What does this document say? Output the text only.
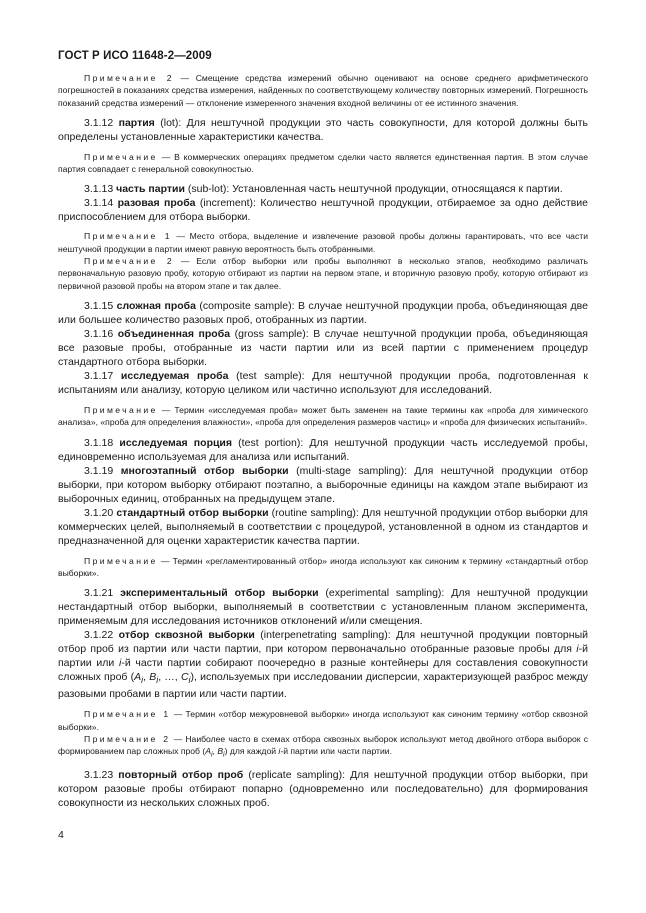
ГОСТ Р ИСО 11648-2—2009

Примечание 2 — Смещение средства измерений обычно оценивают на основе среднего арифметического погрешностей в показаниях средства измерения, найденных по соответствующему количеству повторных измерений. Погрешность показаний средства измерений — отклонение измеренного значения входной величины от ее истинного значения.

3.1.12 партия (lot): Для нештучной продукции это часть совокупности, для которой должны быть определены установленные характеристики качества.

Примечание — В коммерческих операциях предметом сделки часто является единственная партия. В этом случае партия совпадает с генеральной совокупностью.

3.1.13 часть партии (sub-lot): Установленная часть нештучной продукции, относящаяся к партии.

3.1.14 разовая проба (increment): Количество нештучной продукции, отбираемое за одно действие приспособлением для отбора выборки.

Примечание 1 — Место отбора, выделение и извлечение разовой пробы должны гарантировать, что все части нештучной продукции в партии имеют равную вероятность быть отобранными.

Примечание 2 — Если отбор выборки или пробы выполняют в несколько этапов, необходимо различать первоначальную разовую пробу, которую отбирают из партии на первом этапе, и вторичную разовую пробу, которую отбирают из первичной разовой пробы на втором этапе и так далее.

3.1.15 сложная проба (composite sample): В случае нештучной продукции проба, объединяющая две или большее количество разовых проб, отобранных из партии.

3.1.16 объединенная проба (gross sample): В случае нештучной продукции проба, объединяющая все разовые пробы, отобранные из части партии или из всей партии с применением процедур стандартного отбора выборки.

3.1.17 исследуемая проба (test sample): Для нештучной продукции проба, подготовленная к испытаниям или анализу, которую целиком или частично используют для исследований.

Примечание — Термин «исследуемая проба» может быть заменен на такие термины как «проба для химического анализа», «проба для определения влажности», «проба для определения размеров частиц» и «проба для физических испытаний».

3.1.18 исследуемая порция (test portion): Для нештучной продукции часть исследуемой пробы, единовременно используемая для анализа или испытаний.

3.1.19 многоэтапный отбор выборки (multi-stage sampling): Для нештучной продукции отбор выборки, при котором выборку отбирают поэтапно, а выборочные единицы на каждом этапе выбирают из выборочных единиц, отобранных на предыдущем этапе.

3.1.20 стандартный отбор выборки (routine sampling): Для нештучной продукции отбор выборки для коммерческих целей, выполняемый в соответствии с процедурой, установленной в одном из стандартов и предназначенной для оценки характеристик качества партии.

Примечание — Термин «регламентированный отбор» иногда используют как синоним к термину «стандартный отбор выборки».

3.1.21 экспериментальный отбор выборки (experimental sampling): Для нештучной продукции нестандартный отбор выборки, выполняемый в соответствии с установленным планом эксперимента, применяемым для исследования источников отклонений и/или смещения.

3.1.22 отбор сквозной выборки (interpenetrating sampling): Для нештучной продукции повторный отбор проб из партии или части партии, при котором первоначально отобранные разовые пробы для i-й партии или i-й части партии собирают поочередно в разные контейнеры для составления совокупности сложных проб ($A_i$, $B_i$, …, $C_i$), используемых при исследовании дисперсии, характеризующей разброс между разовыми пробами в партии или части партии.

Примечание 1 — Термин «отбор межуровневой выборки» иногда используют как синоним термину «отбор сквозной выборки».

Примечание 2 — Наиболее часто в схемах отбора сквозных выборок используют метод двойного отбора выборок с формированием пар сложных проб ($A_i$, $B_i$) для каждой i-й партии или части партии.

3.1.23 повторный отбор проб (replicate sampling): Для нештучной продукции отбор выборки, при котором разовые пробы отбирают попарно (одновременно или последовательно) для формирования совокупности из нескольких сложных проб.

4
